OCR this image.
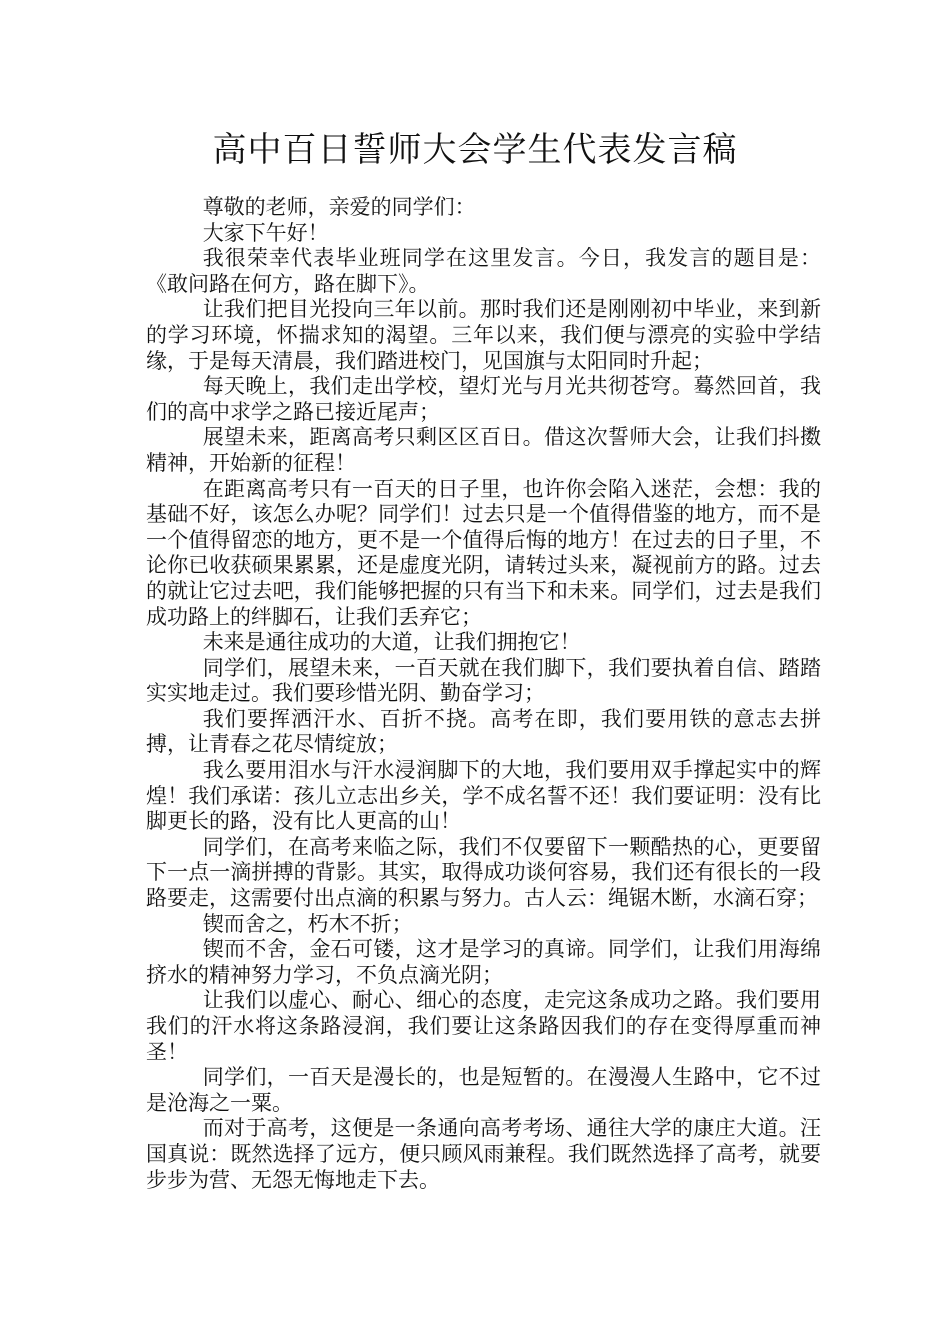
高中百日誓师大会学生代表发言稿

尊敬的老师，亲爱的同学们：

大家下午好！

我很荣幸代表毕业班同学在这里发言。今日，我发言的题目是：《敢问路在何方，路在脚下》。

让我们把目光投向三年以前。那时我们还是刚刚初中毕业，来到新的学习环境，怀揣求知的渴望。三年以来，我们便与漂亮的实验中学结缘，于是每天清晨，我们踏进校门，见国旗与太阳同时升起；

每天晚上，我们走出学校，望灯光与月光共彻苍穹。蓦然回首，我们的高中求学之路已接近尾声；

展望未来，距离高考只剩区区百日。借这次誓师大会，让我们抖擞精神，开始新的征程！

在距离高考只有一百天的日子里，也许你会陷入迷茫，会想：我的基础不好，该怎么办呢？同学们！过去只是一个值得借鉴的地方，而不是一个值得留恋的地方，更不是一个值得后悔的地方！在过去的日子里，不论你已收获硕果累累，还是虚度光阴，请转过头来，凝视前方的路。过去的就让它过去吧，我们能够把握的只有当下和未来。同学们，过去是我们成功路上的绊脚石，让我们丢弃它；

未来是通往成功的大道，让我们拥抱它！

同学们，展望未来，一百天就在我们脚下，我们要执着自信、踏踏实实地走过。我们要珍惜光阴、勤奋学习；

我们要挥洒汗水、百折不挠。高考在即，我们要用铁的意志去拼搏，让青春之花尽情绽放；

我么要用泪水与汗水浸润脚下的大地，我们要用双手撑起实中的辉煌！我们承诺：孩儿立志出乡关，学不成名誓不还！我们要证明：没有比脚更长的路，没有比人更高的山！

同学们，在高考来临之际，我们不仅要留下一颗酷热的心，更要留下一点一滴拼搏的背影。其实，取得成功谈何容易，我们还有很长的一段路要走，这需要付出点滴的积累与努力。古人云：绳锯木断，水滴石穿；

锲而舍之，朽木不折；

锲而不舍，金石可镂，这才是学习的真谛。同学们，让我们用海绵挤水的精神努力学习，不负点滴光阴；

让我们以虚心、耐心、细心的态度，走完这条成功之路。我们要用我们的汗水将这条路浸润，我们要让这条路因我们的存在变得厚重而神圣！

同学们，一百天是漫长的，也是短暂的。在漫漫人生路中，它不过是沧海之一粟。

而对于高考，这便是一条通向高考考场、通往大学的康庄大道。汪国真说：既然选择了远方，便只顾风雨兼程。我们既然选择了高考，就要步步为营、无怨无悔地走下去。
